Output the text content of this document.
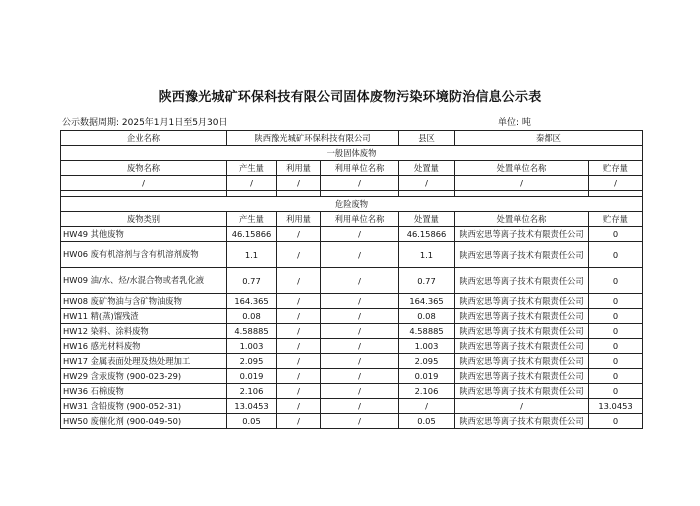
陕西豫光城矿环保科技有限公司固体废物污染环境防治信息公示表
公示数据周期: 2025年1月1日至5月30日	单位: 吨
企业名称	陕西豫光城矿环保科技有限公司			县区	秦都区	
一般固体废物						
废物名称	产生量	利用量	利用单位名称	处置量	处置单位名称	贮存量
/	/	/	/	/	/	/

危险废物						
废物类别	产生量	利用量	利用单位名称	处置量	处置单位名称	贮存量
HW49 其他废物	46.15866	/	/	46.15866	陕西宏思等离子技术有限责任公司	0
HW06 废有机溶剂与含有机溶剂废物	1.1	/	/	1.1	陕西宏思等离子技术有限责任公司	0
HW09 油/水、烃/水混合物或者乳化液	0.77	/	/	0.77	陕西宏思等离子技术有限责任公司	0
HW08 废矿物油与含矿物油废物	164.365	/	/	164.365	陕西宏思等离子技术有限责任公司	0
HW11 精(蒸)馏残渣	0.08	/	/	0.08	陕西宏思等离子技术有限责任公司	0
HW12 染料、涂料废物	4.58885	/	/	4.58885	陕西宏思等离子技术有限责任公司	0
HW16 感光材料废物	1.003	/	/	1.003	陕西宏思等离子技术有限责任公司	0
HW17 金属表面处理及热处理加工	2.095	/	/	2.095	陕西宏思等离子技术有限责任公司	0
HW29 含汞废物 (900-023-29)	0.019	/	/	0.019	陕西宏思等离子技术有限责任公司	0
HW36 石棉废物	2.106	/	/	2.106	陕西宏思等离子技术有限责任公司	0
HW31 含铅废物 (900-052-31)	13.0453	/	/	/	/	13.0453
HW50 废催化剂 (900-049-50)	0.05	/	/	0.05	陕西宏思等离子技术有限责任公司	0
